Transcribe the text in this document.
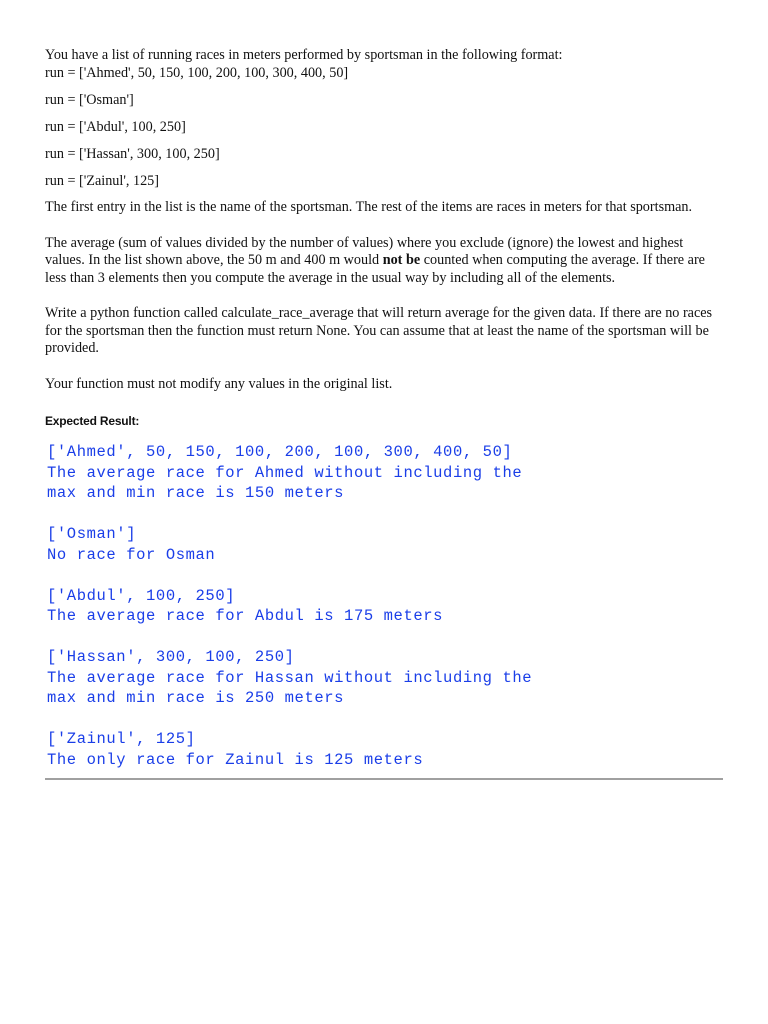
You have a list of running races in meters performed by sportsman in the following format:
run = ['Ahmed', 50, 150, 100, 200, 100, 300, 400, 50]
run = ['Osman']
run = ['Abdul', 100, 250]
run = ['Hassan', 300, 100, 250]
run = ['Zainul', 125]
The first entry in the list is the name of the sportsman. The rest of the items are races in meters for that sportsman.
The average (sum of values divided by the number of values) where you exclude (ignore) the lowest and highest values. In the list shown above, the 50 m and 400 m would not be counted when computing the average. If there are less than 3 elements then you compute the average in the usual way by including all of the elements.
Write a python function called calculate_race_average that will return average for the given data. If there are no races for the sportsman then the function must return None. You can assume that at least the name of the sportsman will be provided.
Your function must not modify any values in the original list.
Expected Result:
['Ahmed', 50, 150, 100, 200, 100, 300, 400, 50]
The average race for Ahmed without including the
max and min race is 150 meters
['Osman']
No race for Osman
['Abdul', 100, 250]
The average race for Abdul is 175 meters
['Hassan', 300, 100, 250]
The average race for Hassan without including the
max and min race is 250 meters
['Zainul', 125]
The only race for Zainul is 125 meters
